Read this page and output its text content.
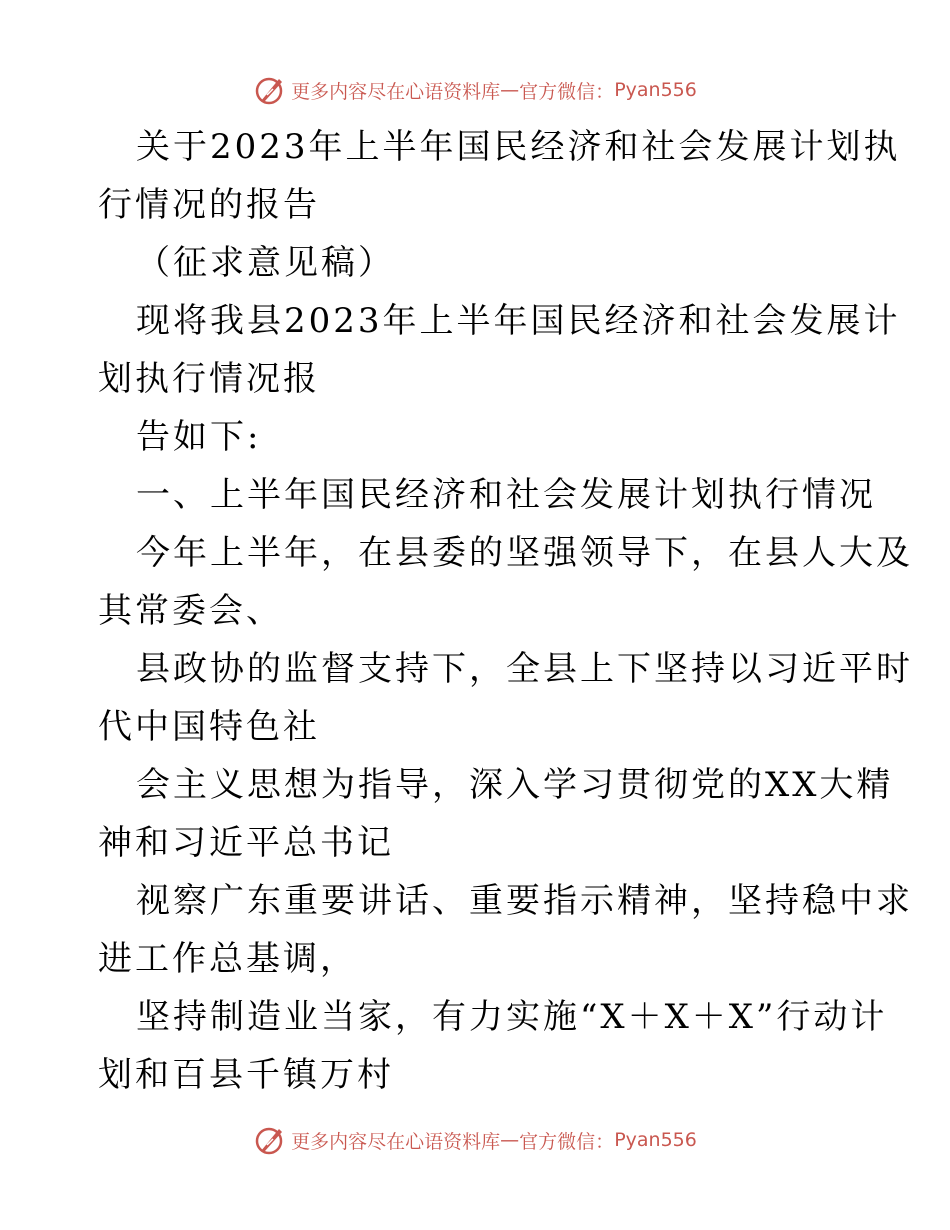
更多内容尽在心语资料库 — 官方微信： Pyan556
关于2023年上半年国民经济和社会发展计划执
行情况的报告
（征求意见稿）
现将我县2023年上半年国民经济和社会发展计
划执行情况报
告如下:
一、上半年国民经济和社会发展计划执行情况
今年上半年，在县委的坚强领导下，在县人大及
其常委会、
县政协的监督支持下，全县上下坚持以习近平时
代中国特色社
会主义思想为指导，深入学习贯彻党的XX大精
神和习近平总书记
视察广东重要讲话、重要指示精神，坚持稳中求
进工作总基调，
坚持制造业当家，有力实施“X＋X＋X”行动计
划和百县千镇万村
更多内容尽在心语资料库 — 官方微信： Pyan556
